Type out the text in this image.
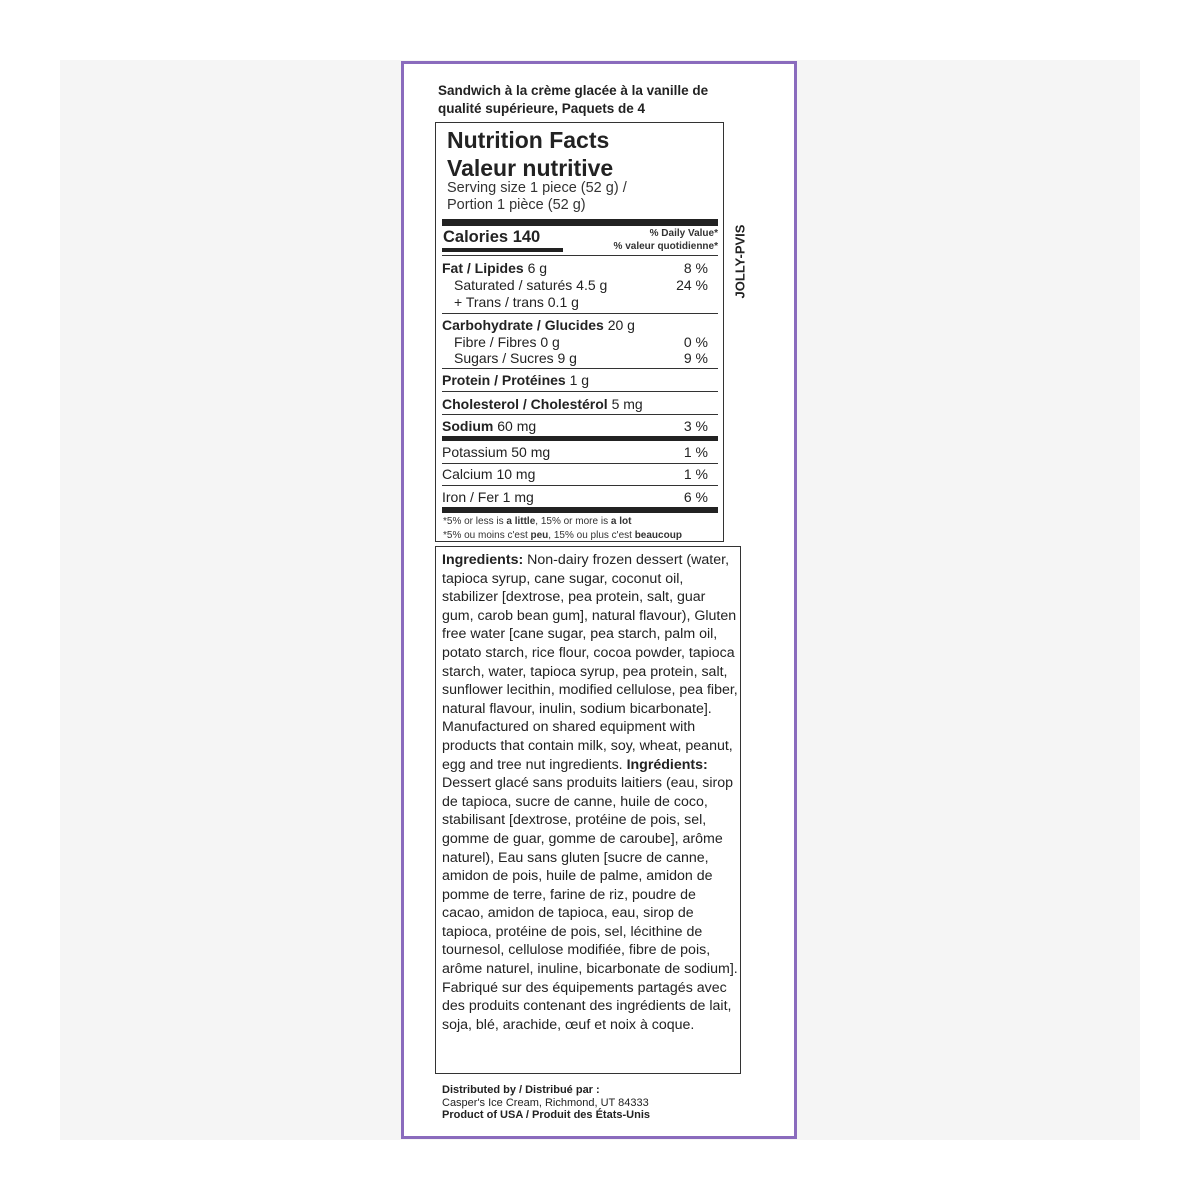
Sandwich à la crème glacée à la vanille de
qualité supérieure, Paquets de 4
Nutrition Facts
Valeur nutritive
Serving size 1 piece (52 g) /
Portion 1 pièce (52 g)
Calories 140	% Daily Value*
% valeur quotidienne*
Fat / Lipides 6 g	8 %
Saturated / saturés 4.5 g	24 %
+ Trans / trans 0.1 g
Carbohydrate / Glucides 20 g
Fibre / Fibres 0 g	0 %
Sugars / Sucres 9 g	9 %
Protein / Protéines 1 g
Cholesterol / Cholestérol 5 mg
Sodium 60 mg	3 %
Potassium 50 mg	1 %
Calcium 10 mg	1 %
Iron / Fer 1 mg	6 %
*5% or less is a little, 15% or more is a lot
*5% ou moins c'est peu, 15% ou plus c'est beaucoup
JOLLY-PVIS
Ingredients: Non-dairy frozen dessert (water, tapioca syrup, cane sugar, coconut oil, stabilizer [dextrose, pea protein, salt, guar gum, carob bean gum], natural flavour), Gluten free water [cane sugar, pea starch, palm oil, potato starch, rice flour, cocoa powder, tapioca starch, water, tapioca syrup, pea protein, salt, sunflower lecithin, modified cellulose, pea fiber, natural flavour, inulin, sodium bicarbonate]. Manufactured on shared equipment with products that contain milk, soy, wheat, peanut, egg and tree nut ingredients. Ingrédients: Dessert glacé sans produits laitiers (eau, sirop de tapioca, sucre de canne, huile de coco, stabilisant [dextrose, protéine de pois, sel, gomme de guar, gomme de caroube], arôme naturel), Eau sans gluten [sucre de canne, amidon de pois, huile de palme, amidon de pomme de terre, farine de riz, poudre de cacao, amidon de tapioca, eau, sirop de tapioca, protéine de pois, sel, lécithine de tournesol, cellulose modifiée, fibre de pois, arôme naturel, inuline, bicarbonate de sodium]. Fabriqué sur des équipements partagés avec des produits contenant des ingrédients de lait, soja, blé, arachide, œuf et noix à coque.
Distributed by / Distribué par :
Casper's Ice Cream, Richmond, UT 84333
Product of USA / Produit des États-Unis
